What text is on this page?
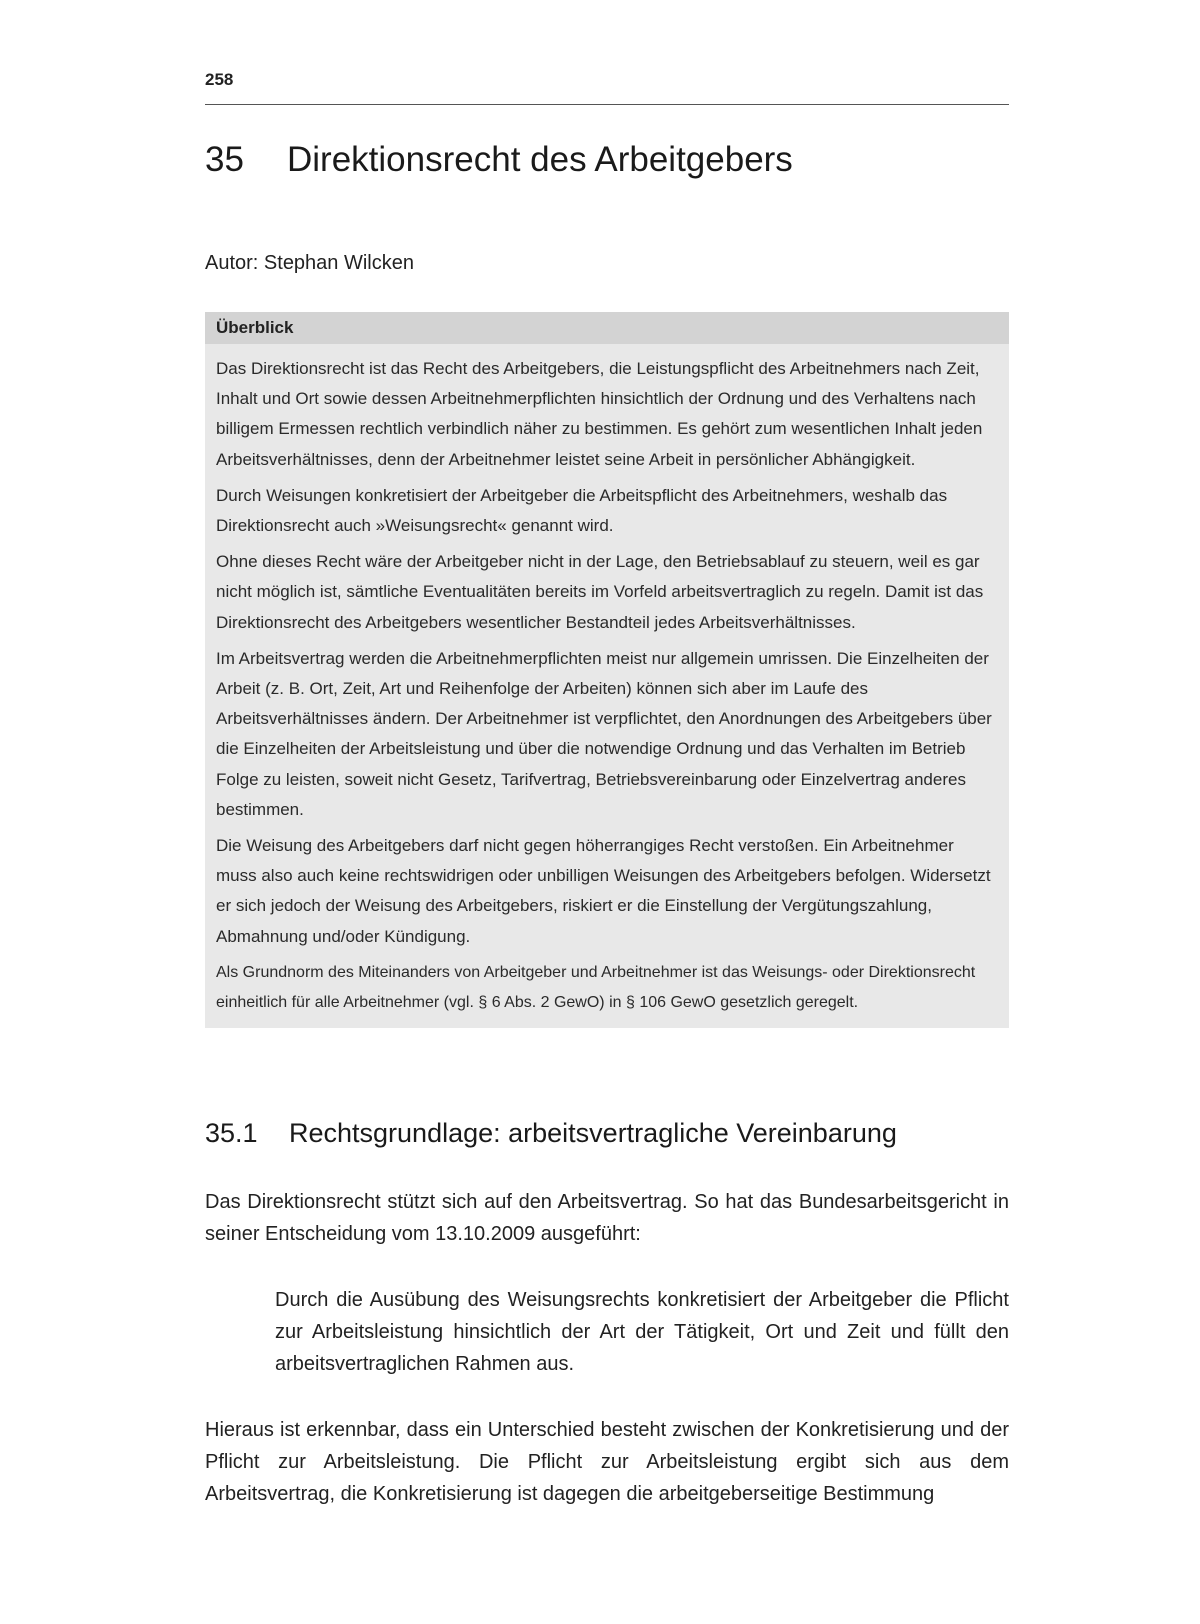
258
35 Direktionsrecht des Arbeitgebers
Autor: Stephan Wilcken
Überblick

Das Direktionsrecht ist das Recht des Arbeitgebers, die Leistungspflicht des Arbeitnehmers nach Zeit, Inhalt und Ort sowie dessen Arbeitnehmerpflichten hinsichtlich der Ordnung und des Verhaltens nach billigem Ermessen rechtlich verbindlich näher zu bestimmen. Es gehört zum wesentlichen Inhalt jeden Arbeitsverhältnisses, denn der Arbeitnehmer leistet seine Arbeit in persönlicher Abhängigkeit.

Durch Weisungen konkretisiert der Arbeitgeber die Arbeitspflicht des Arbeitnehmers, weshalb das Direktionsrecht auch »Weisungsrecht« genannt wird.

Ohne dieses Recht wäre der Arbeitgeber nicht in der Lage, den Betriebsablauf zu steuern, weil es gar nicht möglich ist, sämtliche Eventualitäten bereits im Vorfeld arbeitsvertraglich zu regeln. Damit ist das Direktionsrecht des Arbeitgebers wesentlicher Bestandteil jedes Arbeitsverhältnisses.

Im Arbeitsvertrag werden die Arbeitnehmerpflichten meist nur allgemein umrissen. Die Einzelheiten der Arbeit (z. B. Ort, Zeit, Art und Reihenfolge der Arbeiten) können sich aber im Laufe des Arbeitsverhältnisses ändern. Der Arbeitnehmer ist verpflichtet, den Anordnungen des Arbeitgebers über die Einzelheiten der Arbeitsleistung und über die notwendige Ordnung und das Verhalten im Betrieb Folge zu leisten, soweit nicht Gesetz, Tarifvertrag, Betriebsvereinbarung oder Einzelvertrag anderes bestimmen.

Die Weisung des Arbeitgebers darf nicht gegen höherrangiges Recht verstoßen. Ein Arbeitnehmer muss also auch keine rechtswidrigen oder unbilligen Weisungen des Arbeitgebers befolgen. Widersetzt er sich jedoch der Weisung des Arbeitgebers, riskiert er die Einstellung der Vergütungszahlung, Abmahnung und/oder Kündigung.

Als Grundnorm des Miteinanders von Arbeitgeber und Arbeitnehmer ist das Weisungs- oder Direktionsrecht einheitlich für alle Arbeitnehmer (vgl. § 6 Abs. 2 GewO) in § 106 GewO gesetzlich geregelt.

35.1 Rechtsgrundlage: arbeitsvertragliche Vereinbarung
Das Direktionsrecht stützt sich auf den Arbeitsvertrag. So hat das Bundesarbeitsgericht in seiner Entscheidung vom 13.10.2009 ausgeführt:
Durch die Ausübung des Weisungsrechts konkretisiert der Arbeitgeber die Pflicht zur Arbeitsleistung hinsichtlich der Art der Tätigkeit, Ort und Zeit und füllt den arbeitsvertraglichen Rahmen aus.
Hieraus ist erkennbar, dass ein Unterschied besteht zwischen der Konkretisierung und der Pflicht zur Arbeitsleistung. Die Pflicht zur Arbeitsleistung ergibt sich aus dem Arbeitsvertrag, die Konkretisierung ist dagegen die arbeitgeberseitige Bestimmung
